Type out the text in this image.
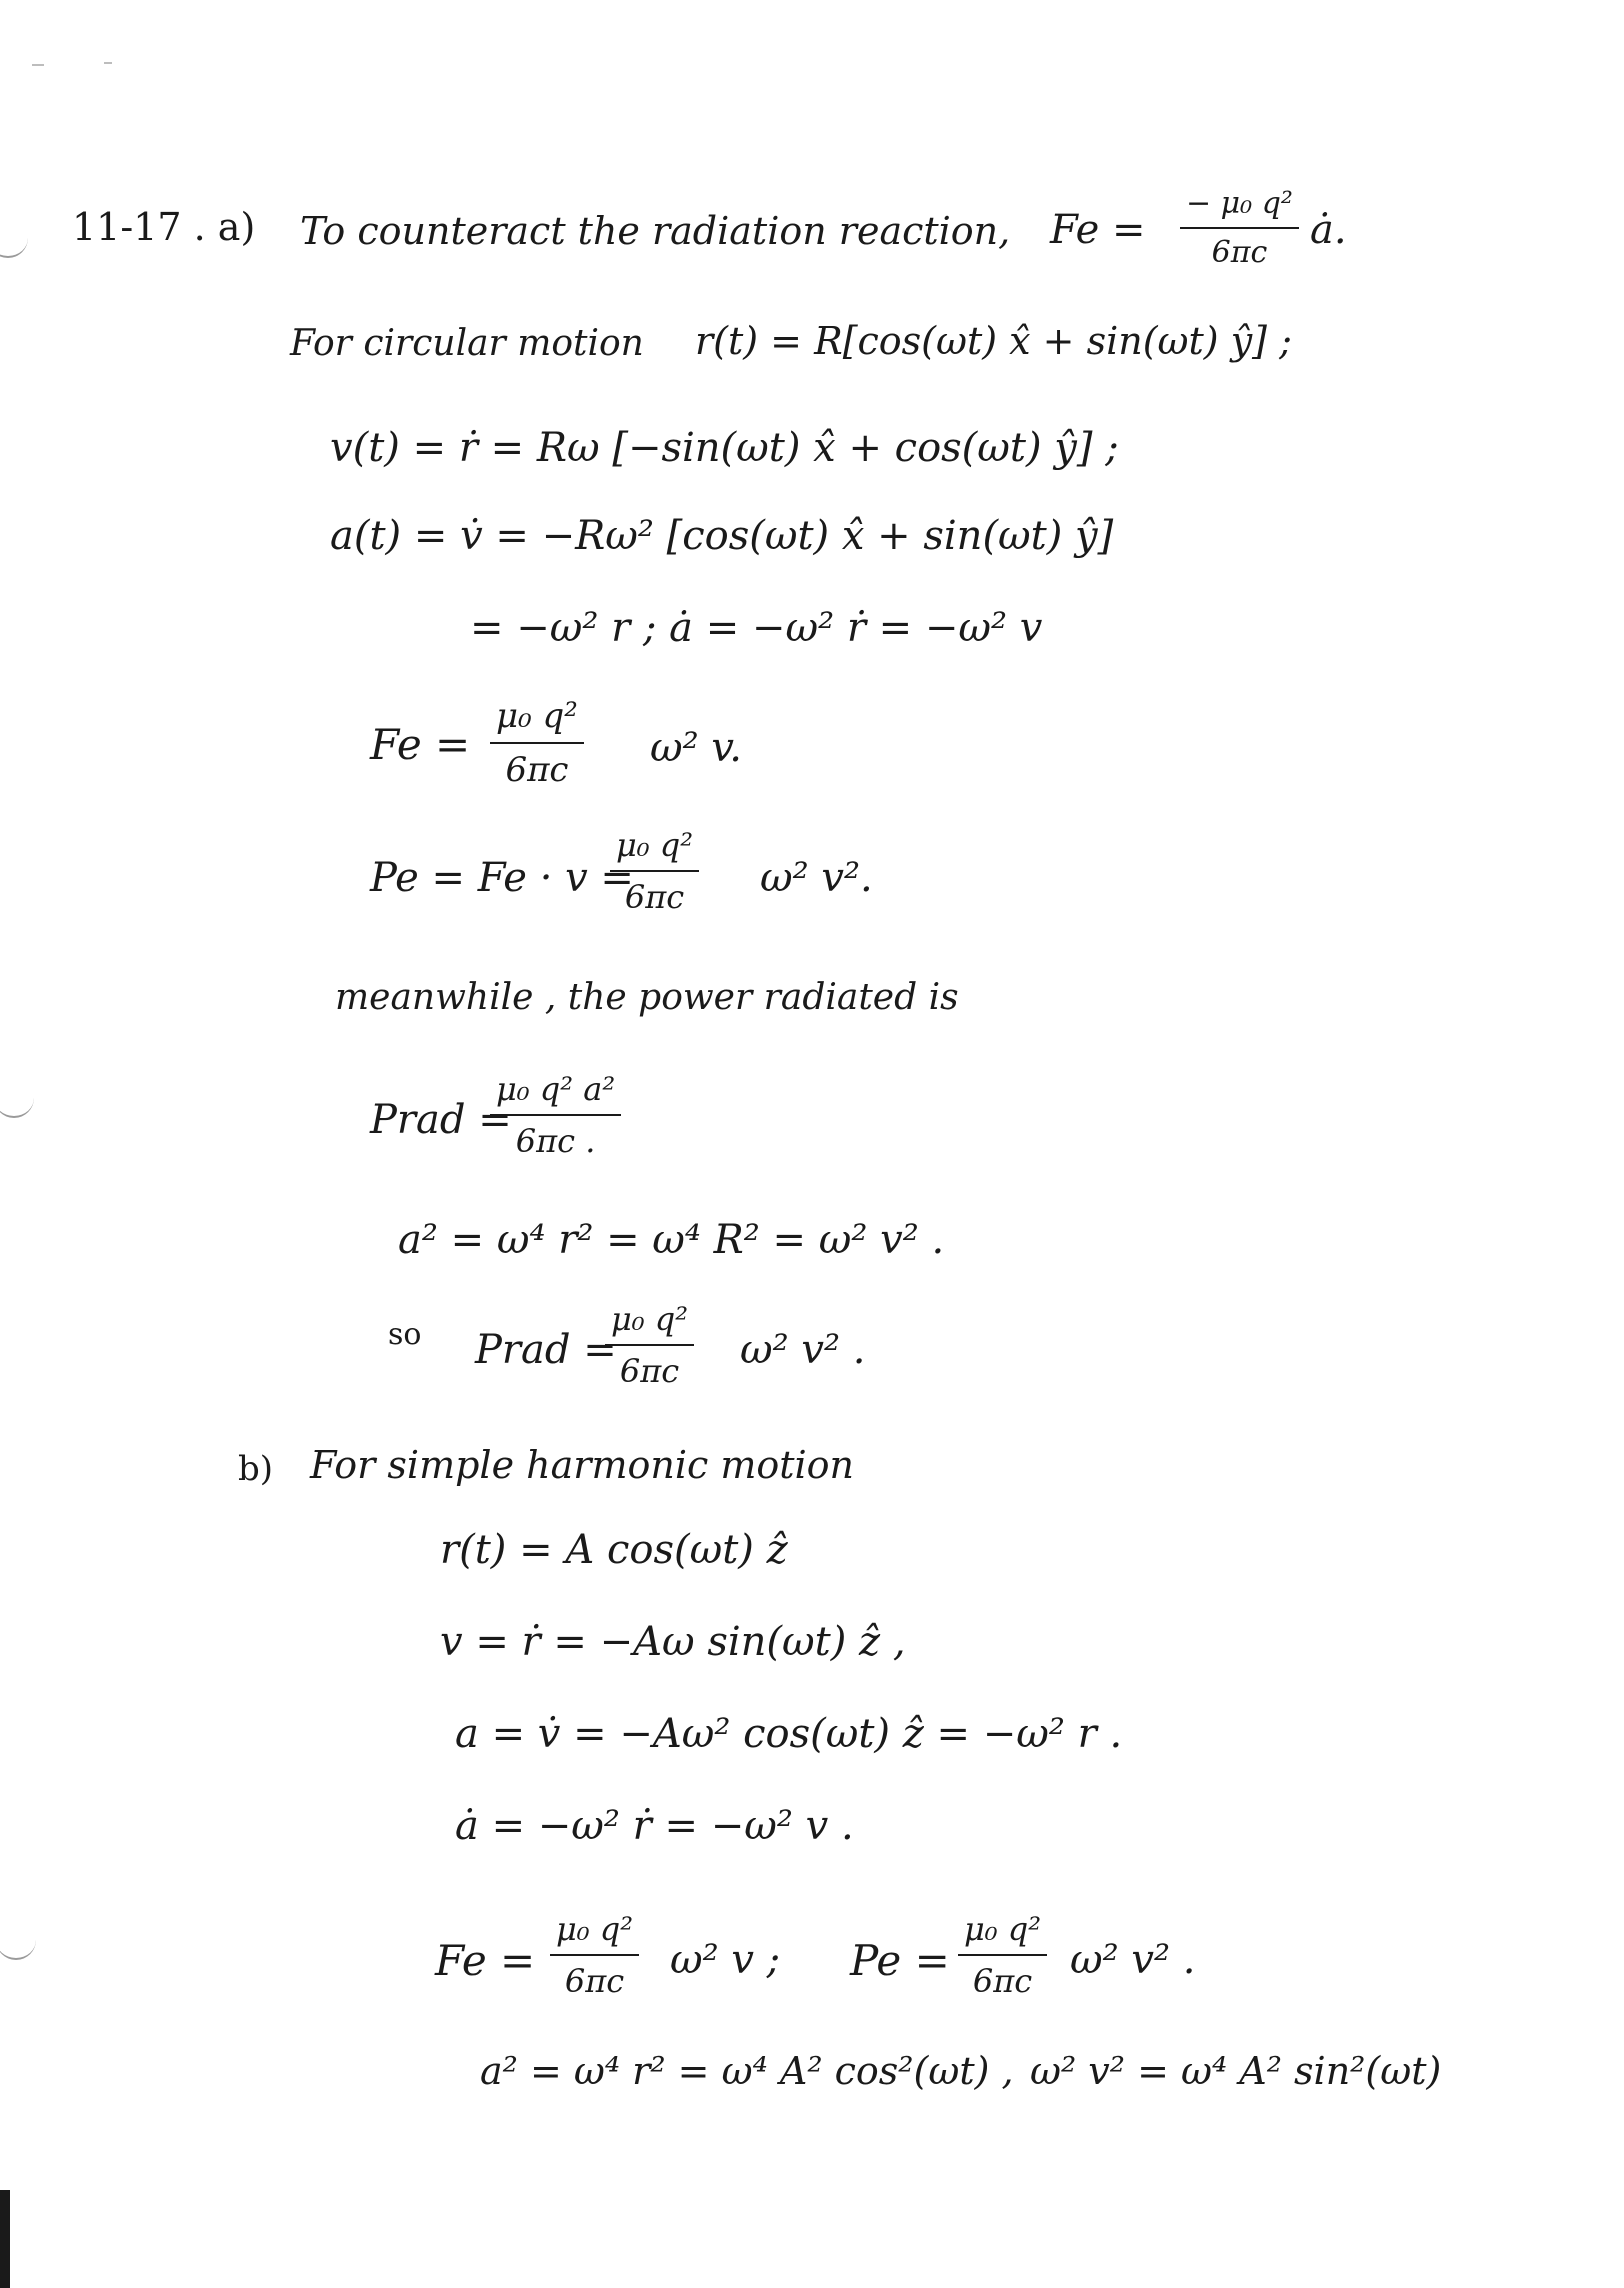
11-17 . a) To counteract the radiation reaction, $Fe = \frac{\text{− μ₀ q²}}{6\pi c}$ ȧ.
For circular motion r(t) = R[cos(ωt) x̂ + sin(ωt) ŷ] ;
v(t) = ṙ = Rω [−sin(ωt) x̂ + cos(ωt) ŷ] ;
a(t) = v̇ = −Rω² [cos(ωt) x̂ + sin(ωt) ŷ]
= −ω² r ; ȧ = −ω² ṙ = −ω² v
$Fe = \frac{\text{μ₀ q²}}{6\pi c} \omega^2$ v.
Pe = Fe · v =
$\frac{\text{μ₀ q²}}{6\pi c} \omega^2$ v².
meanwhile , the power radiated is
Prad =
$\frac{\text{μ₀ q² a²}}{6\pi c .}$
a² = ω⁴ r² = ω⁴ R² = ω² v² .
so Prad =
$\frac{\text{μ₀ q²}}{6\pi c} \omega^2$ v² .
b) For simple harmonic motion
r(t) = A cos(ωt) ẑ
v = ṙ = −Aω sin(ωt) ẑ ,
a = v̇ = −Aω² cos(ωt) ẑ = −ω² r .
ȧ = −ω² ṙ = −ω² v .
$Fe = \frac{\text{μ₀ q²}}{6\pi c} \omega^2$ v ; $Pe = \frac{\text{μ₀ q²}}{6\pi c} \omega^2$ v² .
a² = ω⁴ r² = ω⁴ A² cos²(ωt) , ω² v² = ω⁴ A² sin²(ωt)
